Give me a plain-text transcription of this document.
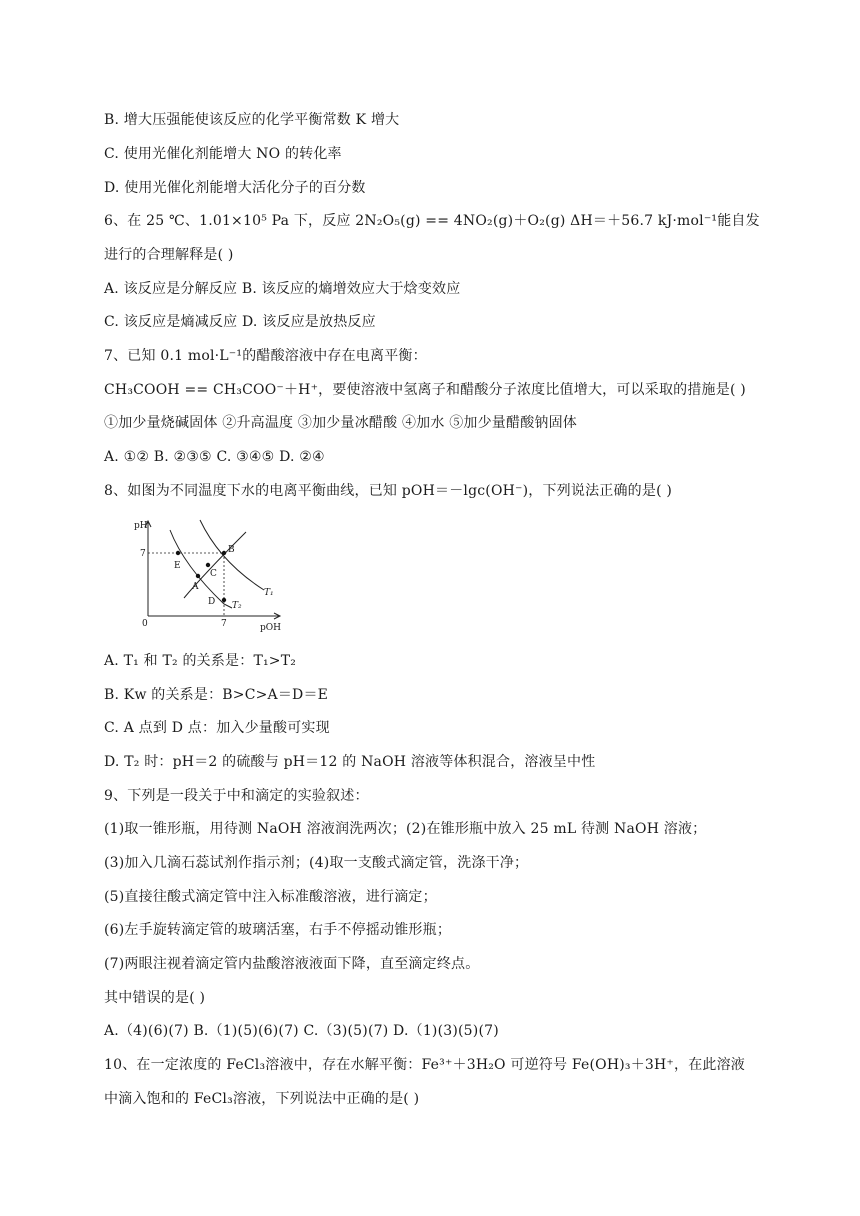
B. 增大压强能使该反应的化学平衡常数 K 增大
C. 使用光催化剂能增大 NO 的转化率
D. 使用光催化剂能增大活化分子的百分数
6、在 25 ℃、1.01×10⁵ Pa 下，反应 2N₂O₅(g) == 4NO₂(g)＋O₂(g) ΔH＝＋56.7 kJ·mol⁻¹能自发
进行的合理解释是( )
A. 该反应是分解反应 B. 该反应的熵增效应大于焓变效应
C. 该反应是熵减反应 D. 该反应是放热反应
7、已知 0.1 mol·L⁻¹的醋酸溶液中存在电离平衡：
CH₃COOH == CH₃COO⁻＋H⁺，要使溶液中氢离子和醋酸分子浓度比值增大，可以采取的措施是( )
①加少量烧碱固体 ②升高温度 ③加少量冰醋酸 ④加水 ⑤加少量醋酸钠固体
A. ①② B. ②③⑤ C. ③④⑤ D. ②④
8、如图为不同温度下水的电离平衡曲线，已知 pOH＝－lgc(OH⁻)，下列说法正确的是( )
pH
pOH
0
7
7
T₁
T₂
B
E
C
A
D
A. T₁ 和 T₂ 的关系是：T₁>T₂
B. Kw 的关系是：B>C>A＝D＝E
C. A 点到 D 点：加入少量酸可实现
D. T₂ 时：pH＝2 的硫酸与 pH＝12 的 NaOH 溶液等体积混合，溶液呈中性
9、下列是一段关于中和滴定的实验叙述：
(1)取一锥形瓶，用待测 NaOH 溶液润洗两次；(2)在锥形瓶中放入 25 mL 待测 NaOH 溶液；
(3)加入几滴石蕊试剂作指示剂；(4)取一支酸式滴定管，洗涤干净；
(5)直接往酸式滴定管中注入标准酸溶液，进行滴定；
(6)左手旋转滴定管的玻璃活塞，右手不停摇动锥形瓶；
(7)两眼注视着滴定管内盐酸溶液液面下降，直至滴定终点。
其中错误的是( )
A.（4)(6)(7) B.（1)(5)(6)(7) C.（3)(5)(7) D.（1)(3)(5)(7)
10、在一定浓度的 FeCl₃溶液中，存在水解平衡：Fe³⁺＋3H₂O 可逆符号 Fe(OH)₃＋3H⁺，在此溶液
中滴入饱和的 FeCl₃溶液，下列说法中正确的是( )
